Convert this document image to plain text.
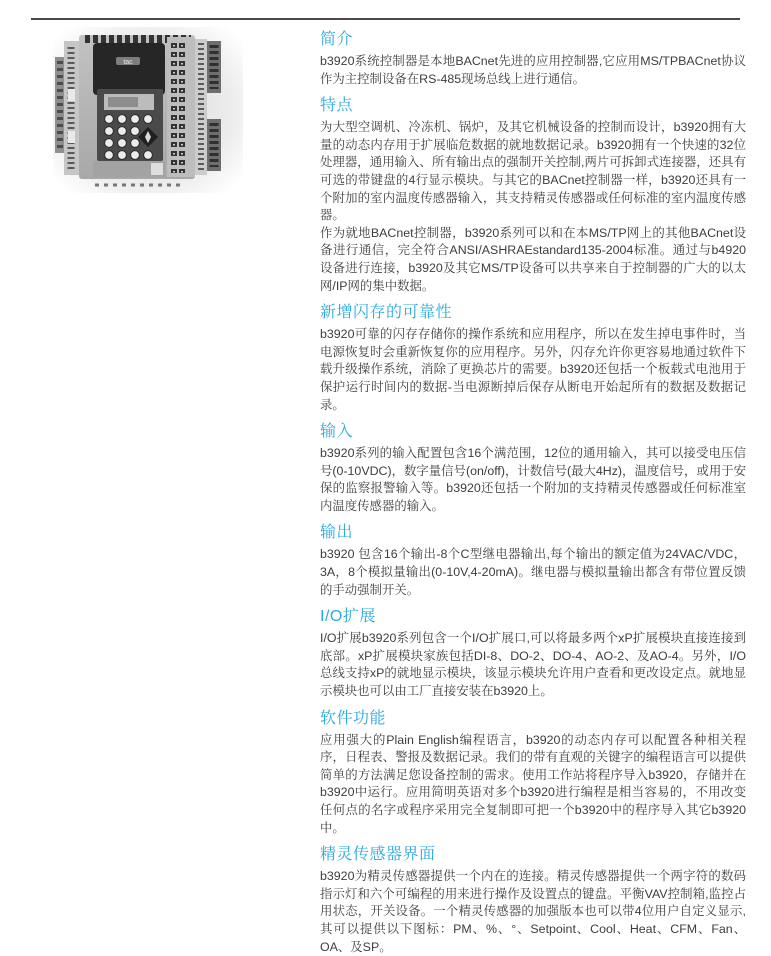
tac
简介

b3920系统控制器是本地BACnet先进的应用控制器,它应用MS/TPBACnet协议作为主控制设备在RS-485现场总线上进行通信。

特点

为大型空调机、冷冻机、锅炉，及其它机械设备的控制而设计，b3920拥有大量的动态内存用于扩展临危数据的就地数据记录。b3920拥有一个快速的32位处理器，通用输入、所有输出点的强制开关控制,两片可拆卸式连接器，还具有可选的带键盘的4行显示模块。与其它的BACnet控制器一样，b3920还具有一个附加的室内温度传感器输入，其支持精灵传感器或任何标准的室内温度传感器。

作为就地BACnet控制器，b3920系列可以和在本MS/TP网上的其他BACnet设备进行通信，完全符合ANSI/ASHRAEstandard135-2004标准。通过与b4920设备进行连接，b3920及其它MS/TP设备可以共享来自于控制器的广大的以太网/IP网的集中数据。

新增闪存的可靠性

b3920可靠的闪存存储你的操作系统和应用程序，所以在发生掉电事件时，当电源恢复时会重新恢复你的应用程序。另外，闪存允许你更容易地通过软件下载升级操作系统，消除了更换芯片的需要。b3920还包括一个板载式电池用于保护运行时间内的数据-当电源断掉后保存从断电开始起所有的数据及数据记录。

输入

b3920系列的输入配置包含16个满范围，12位的通用输入，其可以接受电压信号(0-10VDC)，数字量信号(on/off)，计数信号(最大4Hz)，温度信号，或用于安保的监察报警输入等。b3920还包括一个附加的支持精灵传感器或任何标准室内温度传感器的输入。

输出

b3920 包含16个输出-8个C型继电器输出,每个输出的额定值为24VAC/VDC，3A，8个模拟量输出(0-10V,4-20mA)。继电器与模拟量输出都含有带位置反馈的手动强制开关。

I/O扩展

I/O扩展b3920系列包含一个I/O扩展口,可以将最多两个xP扩展模块直接连接到底部。xP扩展模块家族包括DI-8、DO-2、DO-4、AO-2、及AO-4。另外，I/O总线支持xP的就地显示模块，该显示模块允许用户查看和更改设定点。就地显示模块也可以由工厂直接安装在b3920上。

软件功能

应用强大的Plain English编程语言，b3920的动态内存可以配置各种相关程序，日程表、警报及数据记录。我们的带有直观的关键字的编程语言可以提供简单的方法满足您设备控制的需求。使用工作站将程序导入b3920，存储并在b3920中运行。应用简明英语对多个b3920进行编程是相当容易的，不用改变任何点的名字或程序采用完全复制即可把一个b3920中的程序导入其它b3920中。

精灵传感器界面

b3920为精灵传感器提供一个内在的连接。精灵传感器提供一个两字符的数码指示灯和六个可编程的用来进行操作及设置点的键盘。平衡VAV控制箱,监控占用状态，开关设备。一个精灵传感器的加强版本也可以带4位用户自定义显示,其可以提供以下图标：PM、%、°、Setpoint、Cool、Heat、CFM、Fan、OA、及SP。
